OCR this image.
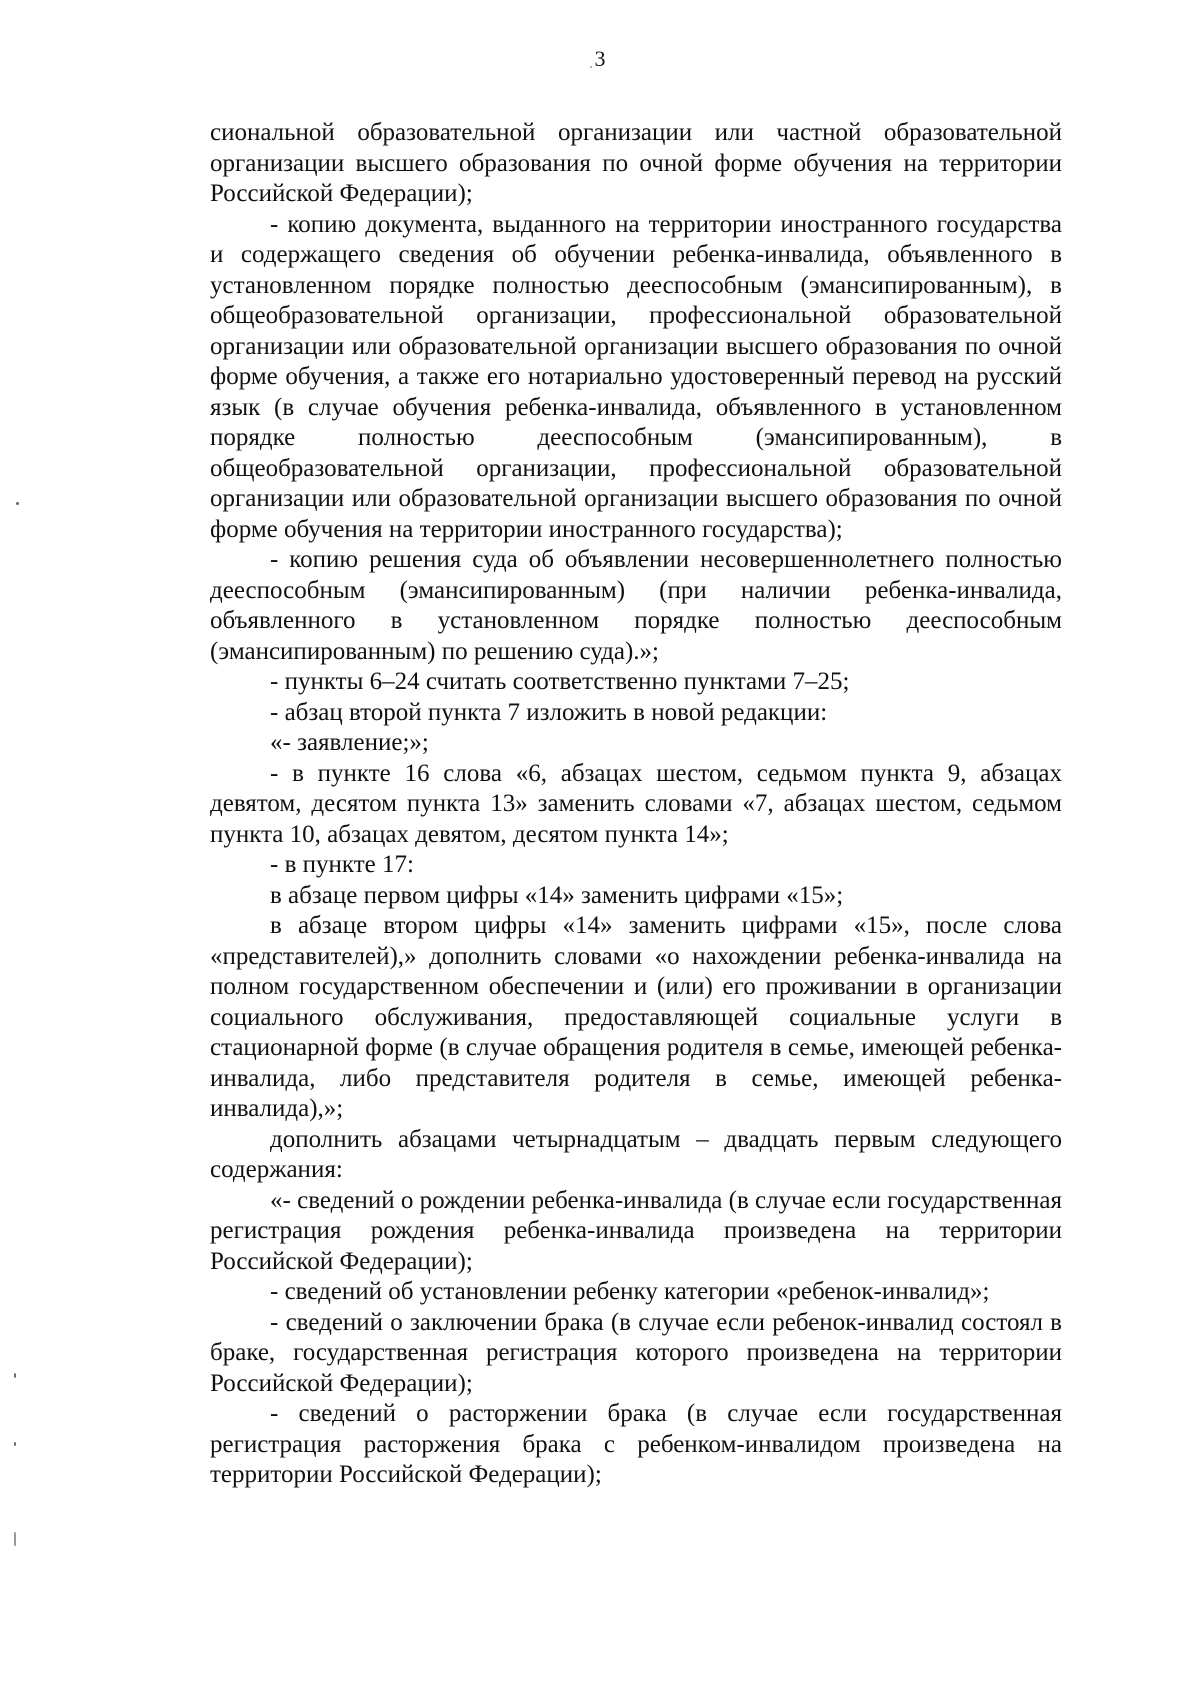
3

сиональной образовательной организации или частной образовательной организации высшего образования по очной форме обучения на территории Российской Федерации);

- копию документа, выданного на территории иностранного государства и содержащего сведения об обучении ребенка-инвалида, объявленного в установленном порядке полностью дееспособным (эмансипированным), в общеобразовательной организации, профессиональной образовательной организации или образовательной организации высшего образования по очной форме обучения, а также его нотариально удостоверенный перевод на русский язык (в случае обучения ребенка-инвалида, объявленного в установленном порядке полностью дееспособным (эмансипированным), в общеобразовательной организации, профессиональной образовательной организации или образовательной организации высшего образования по очной форме обучения на территории иностранного государства);

- копию решения суда об объявлении несовершеннолетнего полностью дееспособным (эмансипированным) (при наличии ребенка-инвалида, объявленного в установленном порядке полностью дееспособным (эмансипированным) по решению суда).»;

- пункты 6–24 считать соответственно пунктами 7–25;

- абзац второй пункта 7 изложить в новой редакции:

«- заявление;»;

- в пункте 16 слова «6, абзацах шестом, седьмом пункта 9, абзацах девятом, десятом пункта 13» заменить словами «7, абзацах шестом, седьмом пункта 10, абзацах девятом, десятом пункта 14»;

- в пункте 17:

в абзаце первом цифры «14» заменить цифрами «15»;

в абзаце втором цифры «14» заменить цифрами «15», после слова «представителей),» дополнить словами «о нахождении ребенка-инвалида на полном государственном обеспечении и (или) его проживании в организации социального обслуживания, предоставляющей социальные услуги в стационарной форме (в случае обращения родителя в семье, имеющей ребенка-инвалида, либо представителя родителя в семье, имеющей ребенка-инвалида),»;

дополнить абзацами четырнадцатым – двадцать первым следующего содержания:

«- сведений о рождении ребенка-инвалида (в случае если государственная регистрация рождения ребенка-инвалида произведена на территории Российской Федерации);

- сведений об установлении ребенку категории «ребенок-инвалид»;

- сведений о заключении брака (в случае если ребенок-инвалид состоял в браке, государственная регистрация которого произведена на территории Российской Федерации);

- сведений о расторжении брака (в случае если государственная регистрация расторжения брака с ребенком-инвалидом произведена на территории Российской Федерации);
